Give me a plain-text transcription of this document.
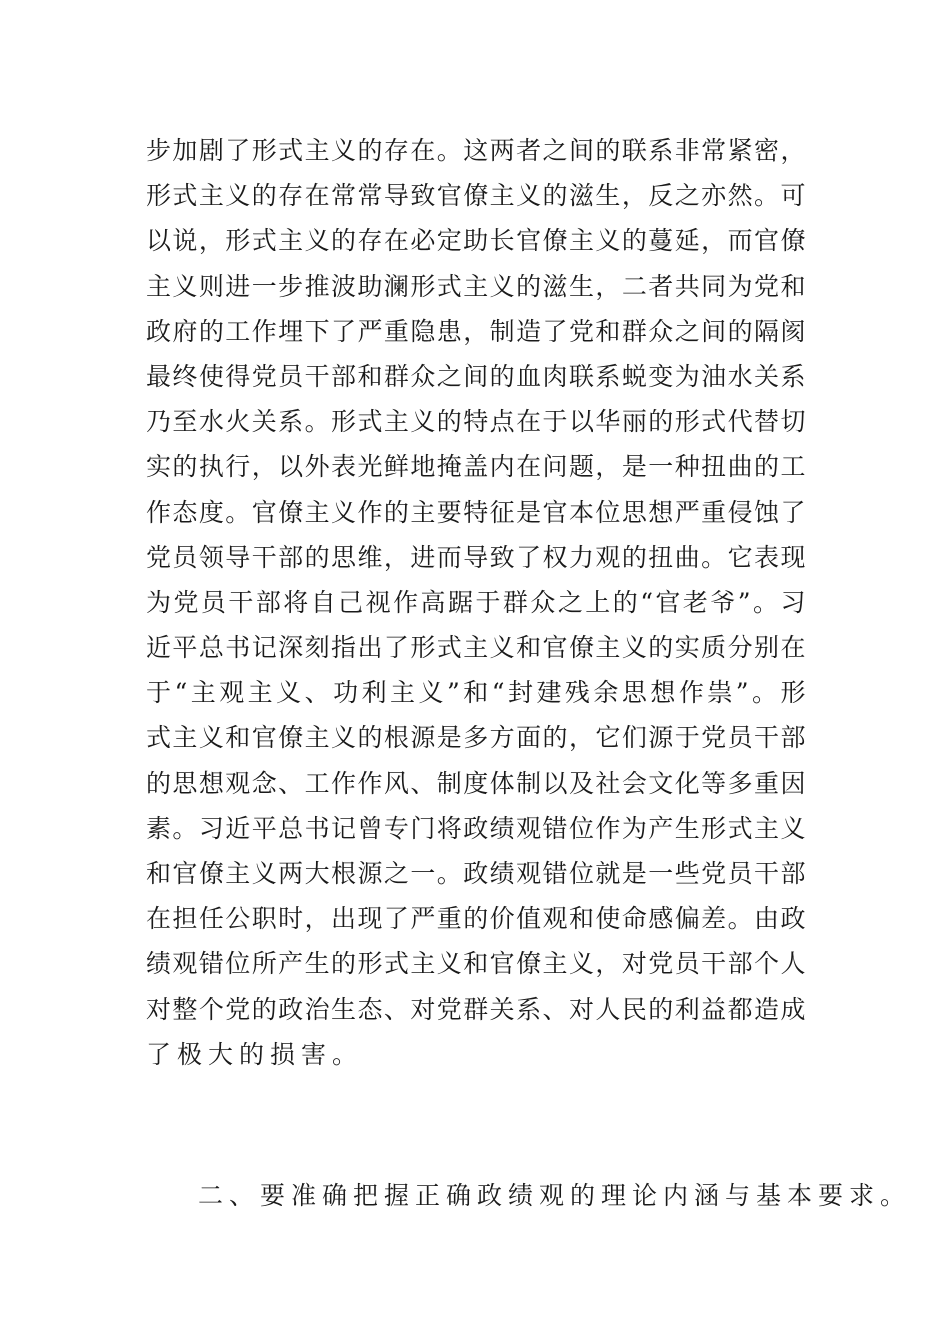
步加剧了形式主义的存在。这两者之间的联系非常紧密，
形式主义的存在常常导致官僚主义的滋生，反之亦然。可
以说，形式主义的存在必定助长官僚主义的蔓延，而官僚
主义则进一步推波助澜形式主义的滋生，二者共同为党和
政府的工作埋下了严重隐患，制造了党和群众之间的隔阂
最终使得党员干部和群众之间的血肉联系蜕变为油水关系
乃至水火关系。形式主义的特点在于以华丽的形式代替切
实的执行，以外表光鲜地掩盖内在问题，是一种扭曲的工
作态度。官僚主义作的主要特征是官本位思想严重侵蚀了
党员领导干部的思维，进而导致了权力观的扭曲。它表现
为党员干部将自己视作高踞于群众之上的“官老爷”。习
近平总书记深刻指出了形式主义和官僚主义的实质分别在
于“主观主义、功利主义”和“封建残余思想作祟”。形
式主义和官僚主义的根源是多方面的，它们源于党员干部
的思想观念、工作作风、制度体制以及社会文化等多重因
素。习近平总书记曾专门将政绩观错位作为产生形式主义
和官僚主义两大根源之一。政绩观错位就是一些党员干部
在担任公职时，出现了严重的价值观和使命感偏差。由政
绩观错位所产生的形式主义和官僚主义，对党员干部个人
对整个党的政治生态、对党群关系、对人民的利益都造成
了极大的损害。
二、要准确把握正确政绩观的理论内涵与基本要求。
